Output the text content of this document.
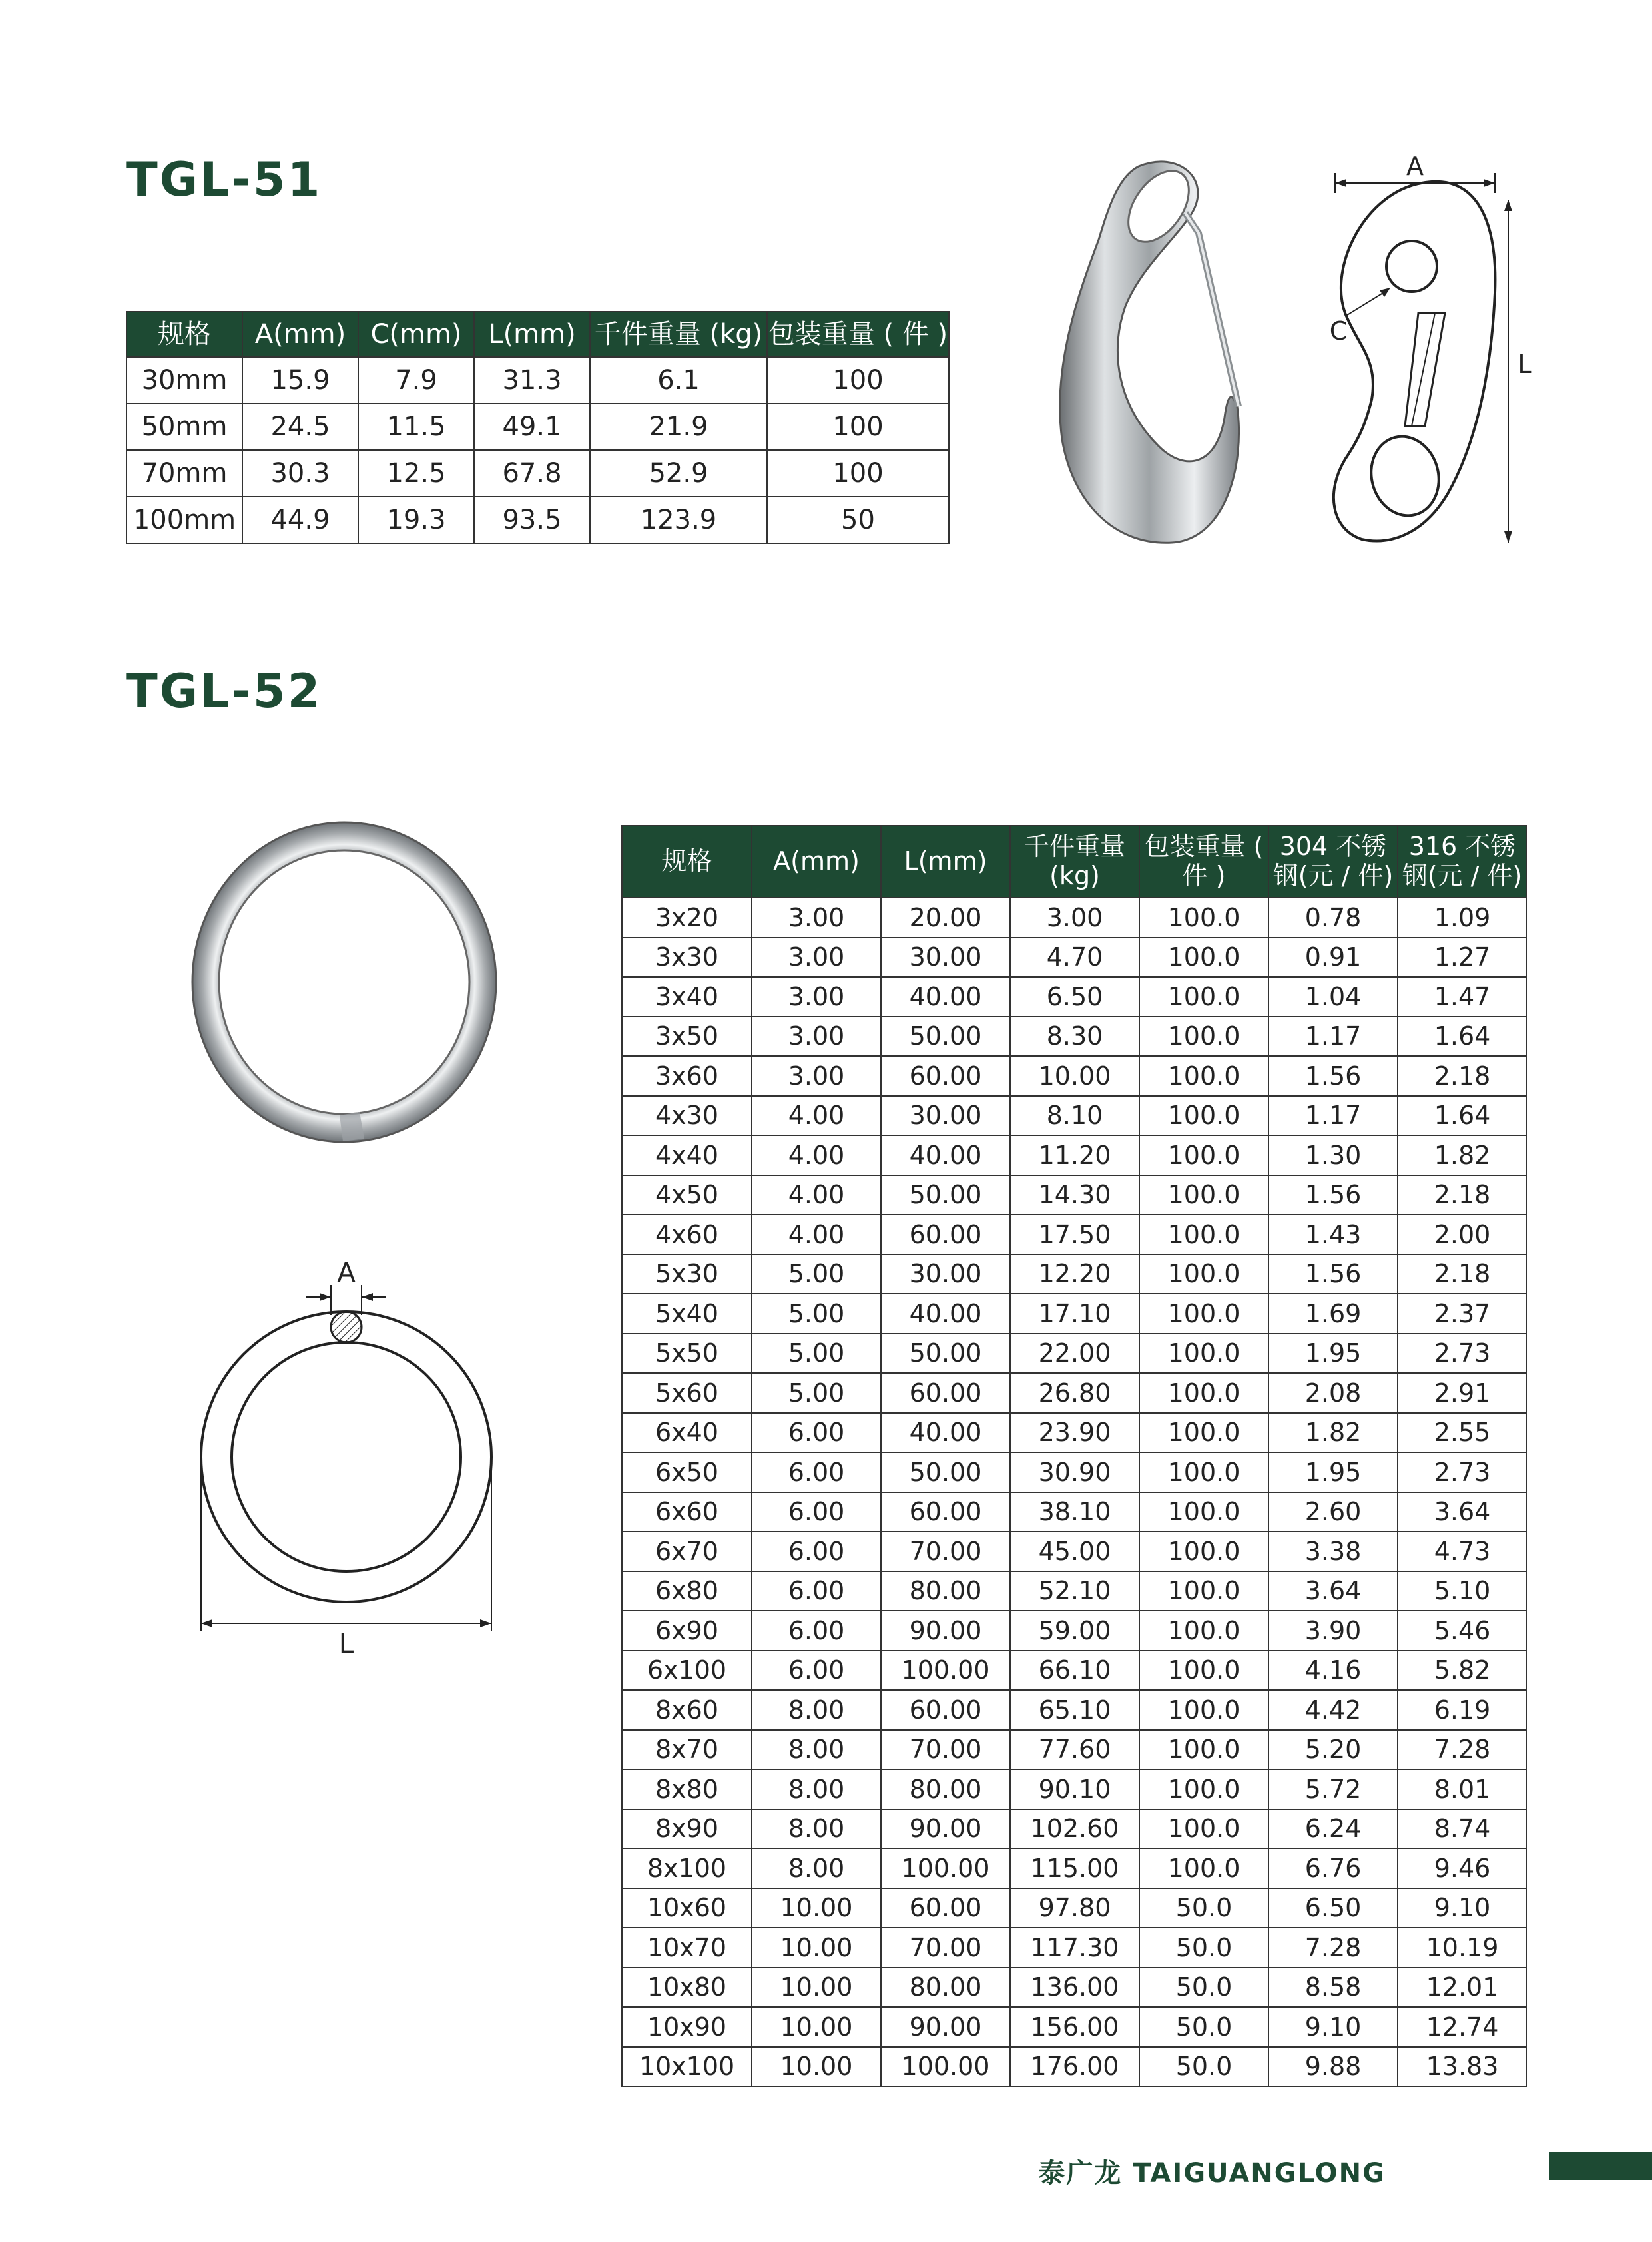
TGL-51
规格	A(mm)	C(mm)	L(mm)	千件重量 (kg)	包装重量 ( 件 )
30mm	15.9	7.9	31.3	6.1	100
50mm	24.5	11.5	49.1	21.9	100
70mm	30.3	12.5	67.8	52.9	100
100mm	44.9	19.3	93.5	123.9	50
A
L
C
TGL-52
规格	A(mm)	L(mm)	千件重量 (kg)	包装重量 ( 件 )	304 不锈 钢(元 / 件)	316 不锈 钢(元 / 件)
3x20	3.00	20.00	3.00	100.0	0.78	1.09
3x30	3.00	30.00	4.70	100.0	0.91	1.27
3x40	3.00	40.00	6.50	100.0	1.04	1.47
3x50	3.00	50.00	8.30	100.0	1.17	1.64
3x60	3.00	60.00	10.00	100.0	1.56	2.18
4x30	4.00	30.00	8.10	100.0	1.17	1.64
4x40	4.00	40.00	11.20	100.0	1.30	1.82
4x50	4.00	50.00	14.30	100.0	1.56	2.18
4x60	4.00	60.00	17.50	100.0	1.43	2.00
5x30	5.00	30.00	12.20	100.0	1.56	2.18
5x40	5.00	40.00	17.10	100.0	1.69	2.37
5x50	5.00	50.00	22.00	100.0	1.95	2.73
5x60	5.00	60.00	26.80	100.0	2.08	2.91
6x40	6.00	40.00	23.90	100.0	1.82	2.55
6x50	6.00	50.00	30.90	100.0	1.95	2.73
6x60	6.00	60.00	38.10	100.0	2.60	3.64
6x70	6.00	70.00	45.00	100.0	3.38	4.73
6x80	6.00	80.00	52.10	100.0	3.64	5.10
6x90	6.00	90.00	59.00	100.0	3.90	5.46
6x100	6.00	100.00	66.10	100.0	4.16	5.82
8x60	8.00	60.00	65.10	100.0	4.42	6.19
8x70	8.00	70.00	77.60	100.0	5.20	7.28
8x80	8.00	80.00	90.10	100.0	5.72	8.01
8x90	8.00	90.00	102.60	100.0	6.24	8.74
8x100	8.00	100.00	115.00	100.0	6.76	9.46
10x60	10.00	60.00	97.80	50.0	6.50	9.10
10x70	10.00	70.00	117.30	50.0	7.28	10.19
10x80	10.00	80.00	136.00	50.0	8.58	12.01
10x90	10.00	90.00	156.00	50.0	9.10	12.74
10x100	10.00	100.00	176.00	50.0	9.88	13.83
A
L
泰广龙 TAIGUANGLONG
